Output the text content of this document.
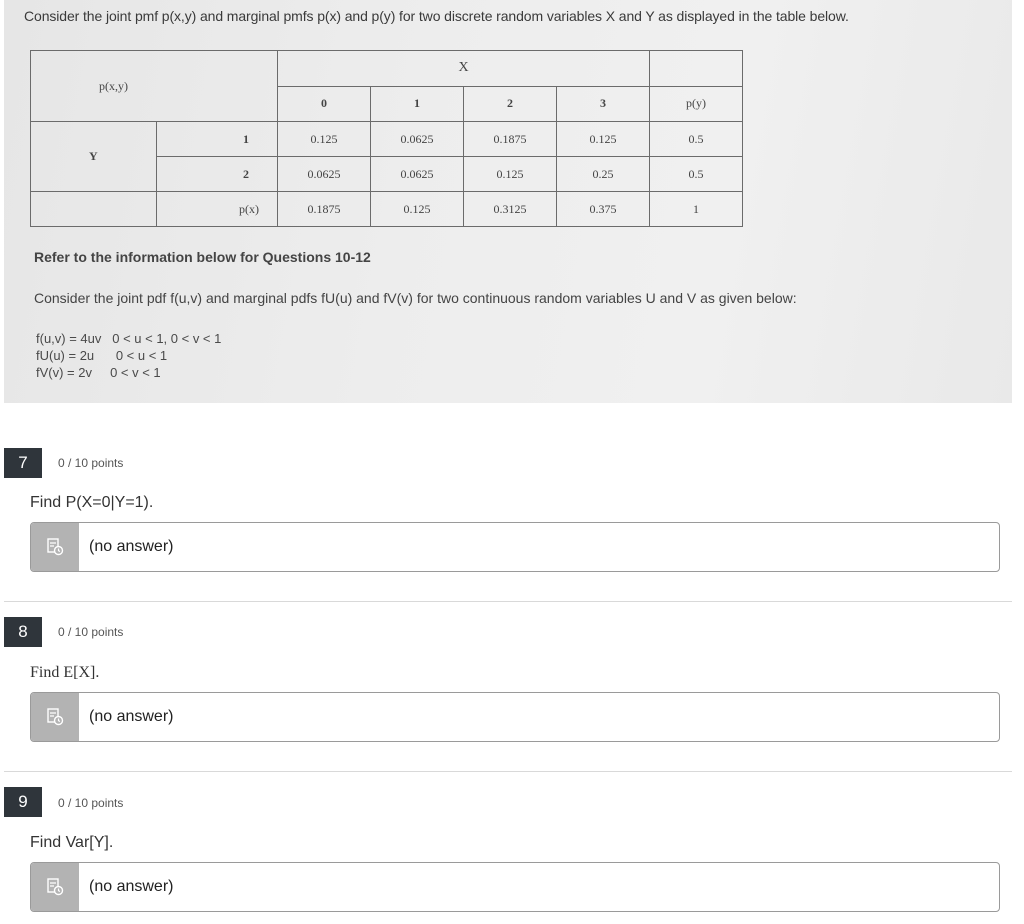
Consider the joint pmf p(x,y) and marginal pmfs p(x) and p(y) for two discrete random variables X and Y as displayed in the table below.
p(x,y)		X				
		0	1	2	3	p(y)
Y	1	0.125	0.0625	0.1875	0.125	0.5
	2	0.0625	0.0625	0.125	0.25	0.5
	p(x)	0.1875	0.125	0.3125	0.375	1
Refer to the information below for Questions 10-12
Consider the joint pdf f(u,v) and marginal pdfs fU(u) and fV(v) for two continuous random variables U and V as given below:
f(u,v) = 4uv 0 < u < 1, 0 < v < 1
fU(u) = 2u 0 < u < 1
fV(v) = 2v 0 < v < 1
7	0 / 10 points
Find P(X=0|Y=1).
(no answer)
8	0 / 10 points
Find E[X].
(no answer)
9	0 / 10 points
Find Var[Y].
(no answer)
